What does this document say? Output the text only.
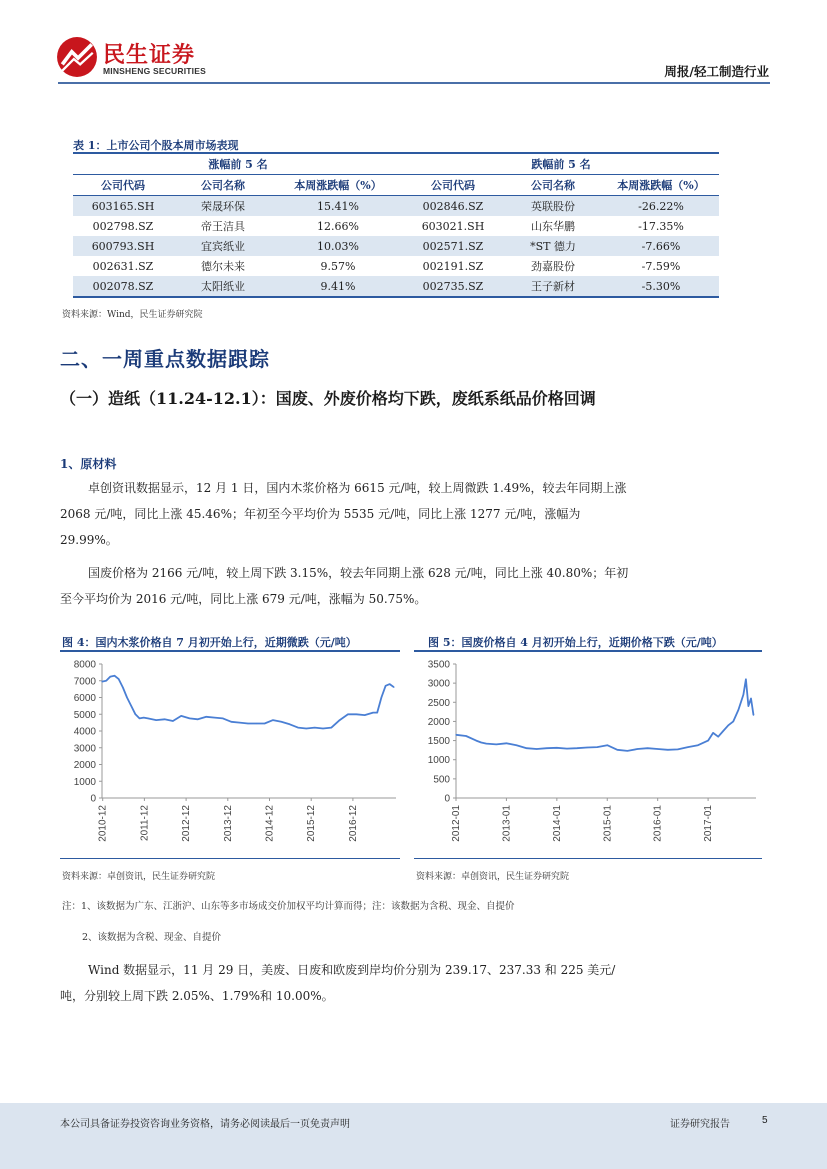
民生证券
MINSHENG SECURITIES	周报/轻工制造行业
表 1：上市公司个股本周市场表现
涨幅前 5 名			跌幅前 5 名		
公司代码	公司名称	本周涨跌幅（%）	公司代码	公司名称	本周涨跌幅（%）
603165.SH	荣晟环保	15.41%	002846.SZ	英联股份	-26.22%
002798.SZ	帝王洁具	12.66%	603021.SH	山东华鹏	-17.35%
600793.SH	宜宾纸业	10.03%	002571.SZ	*ST 德力	-7.66%
002631.SZ	德尔未来	9.57%	002191.SZ	劲嘉股份	-7.59%
002078.SZ	太阳纸业	9.41%	002735.SZ	王子新材	-5.30%
资料来源：Wind，民生证券研究院
二、一周重点数据跟踪
（一）造纸（11.24-12.1）：国废、外废价格均下跌，废纸系纸品价格回调
1、原材料
卓创资讯数据显示，12 月 1 日，国内木浆价格为 6615 元/吨，较上周微跌 1.49%，较去年同期上涨 2068 元/吨，同比上涨 45.46%；年初至今平均价为 5535 元/吨，同比上涨 1277 元/吨，涨幅为 29.99%。
国废价格为 2166 元/吨，较上周下跌 3.15%，较去年同期上涨 628 元/吨，同比上涨 40.80%；年初至今平均价为 2016 元/吨，同比上涨 679 元/吨，涨幅为 50.75%。
图 4：国内木浆价格自 7 月初开始上行，近期微跌（元/吨）
0
1000
2000
3000
4000
5000
6000
7000
8000
2010-12	2011-12	2012-12	2013-12	2014-12	2015-12	2016-12
资料来源：卓创资讯，民生证券研究院
图 5：国废价格自 4 月初开始上行，近期价格下跌（元/吨）
0
500
1000
1500
2000
2500
3000
3500
2012-01	2013-01	2014-01	2015-01	2016-01	2017-01
资料来源：卓创资讯，民生证券研究院
注：1、该数据为广东、江浙沪、山东等多市场成交价加权平均计算而得；注：该数据为含税、现金、自提价
2、该数据为含税、现金、自提价
Wind 数据显示，11 月 29 日，美废、日废和欧废到岸均价分别为 239.17、237.33 和 225 美元/吨，分别较上周下跌 2.05%、1.79%和 10.00%。
本公司具备证券投资咨询业务资格，请务必阅读最后一页免责声明	证券研究报告	5
